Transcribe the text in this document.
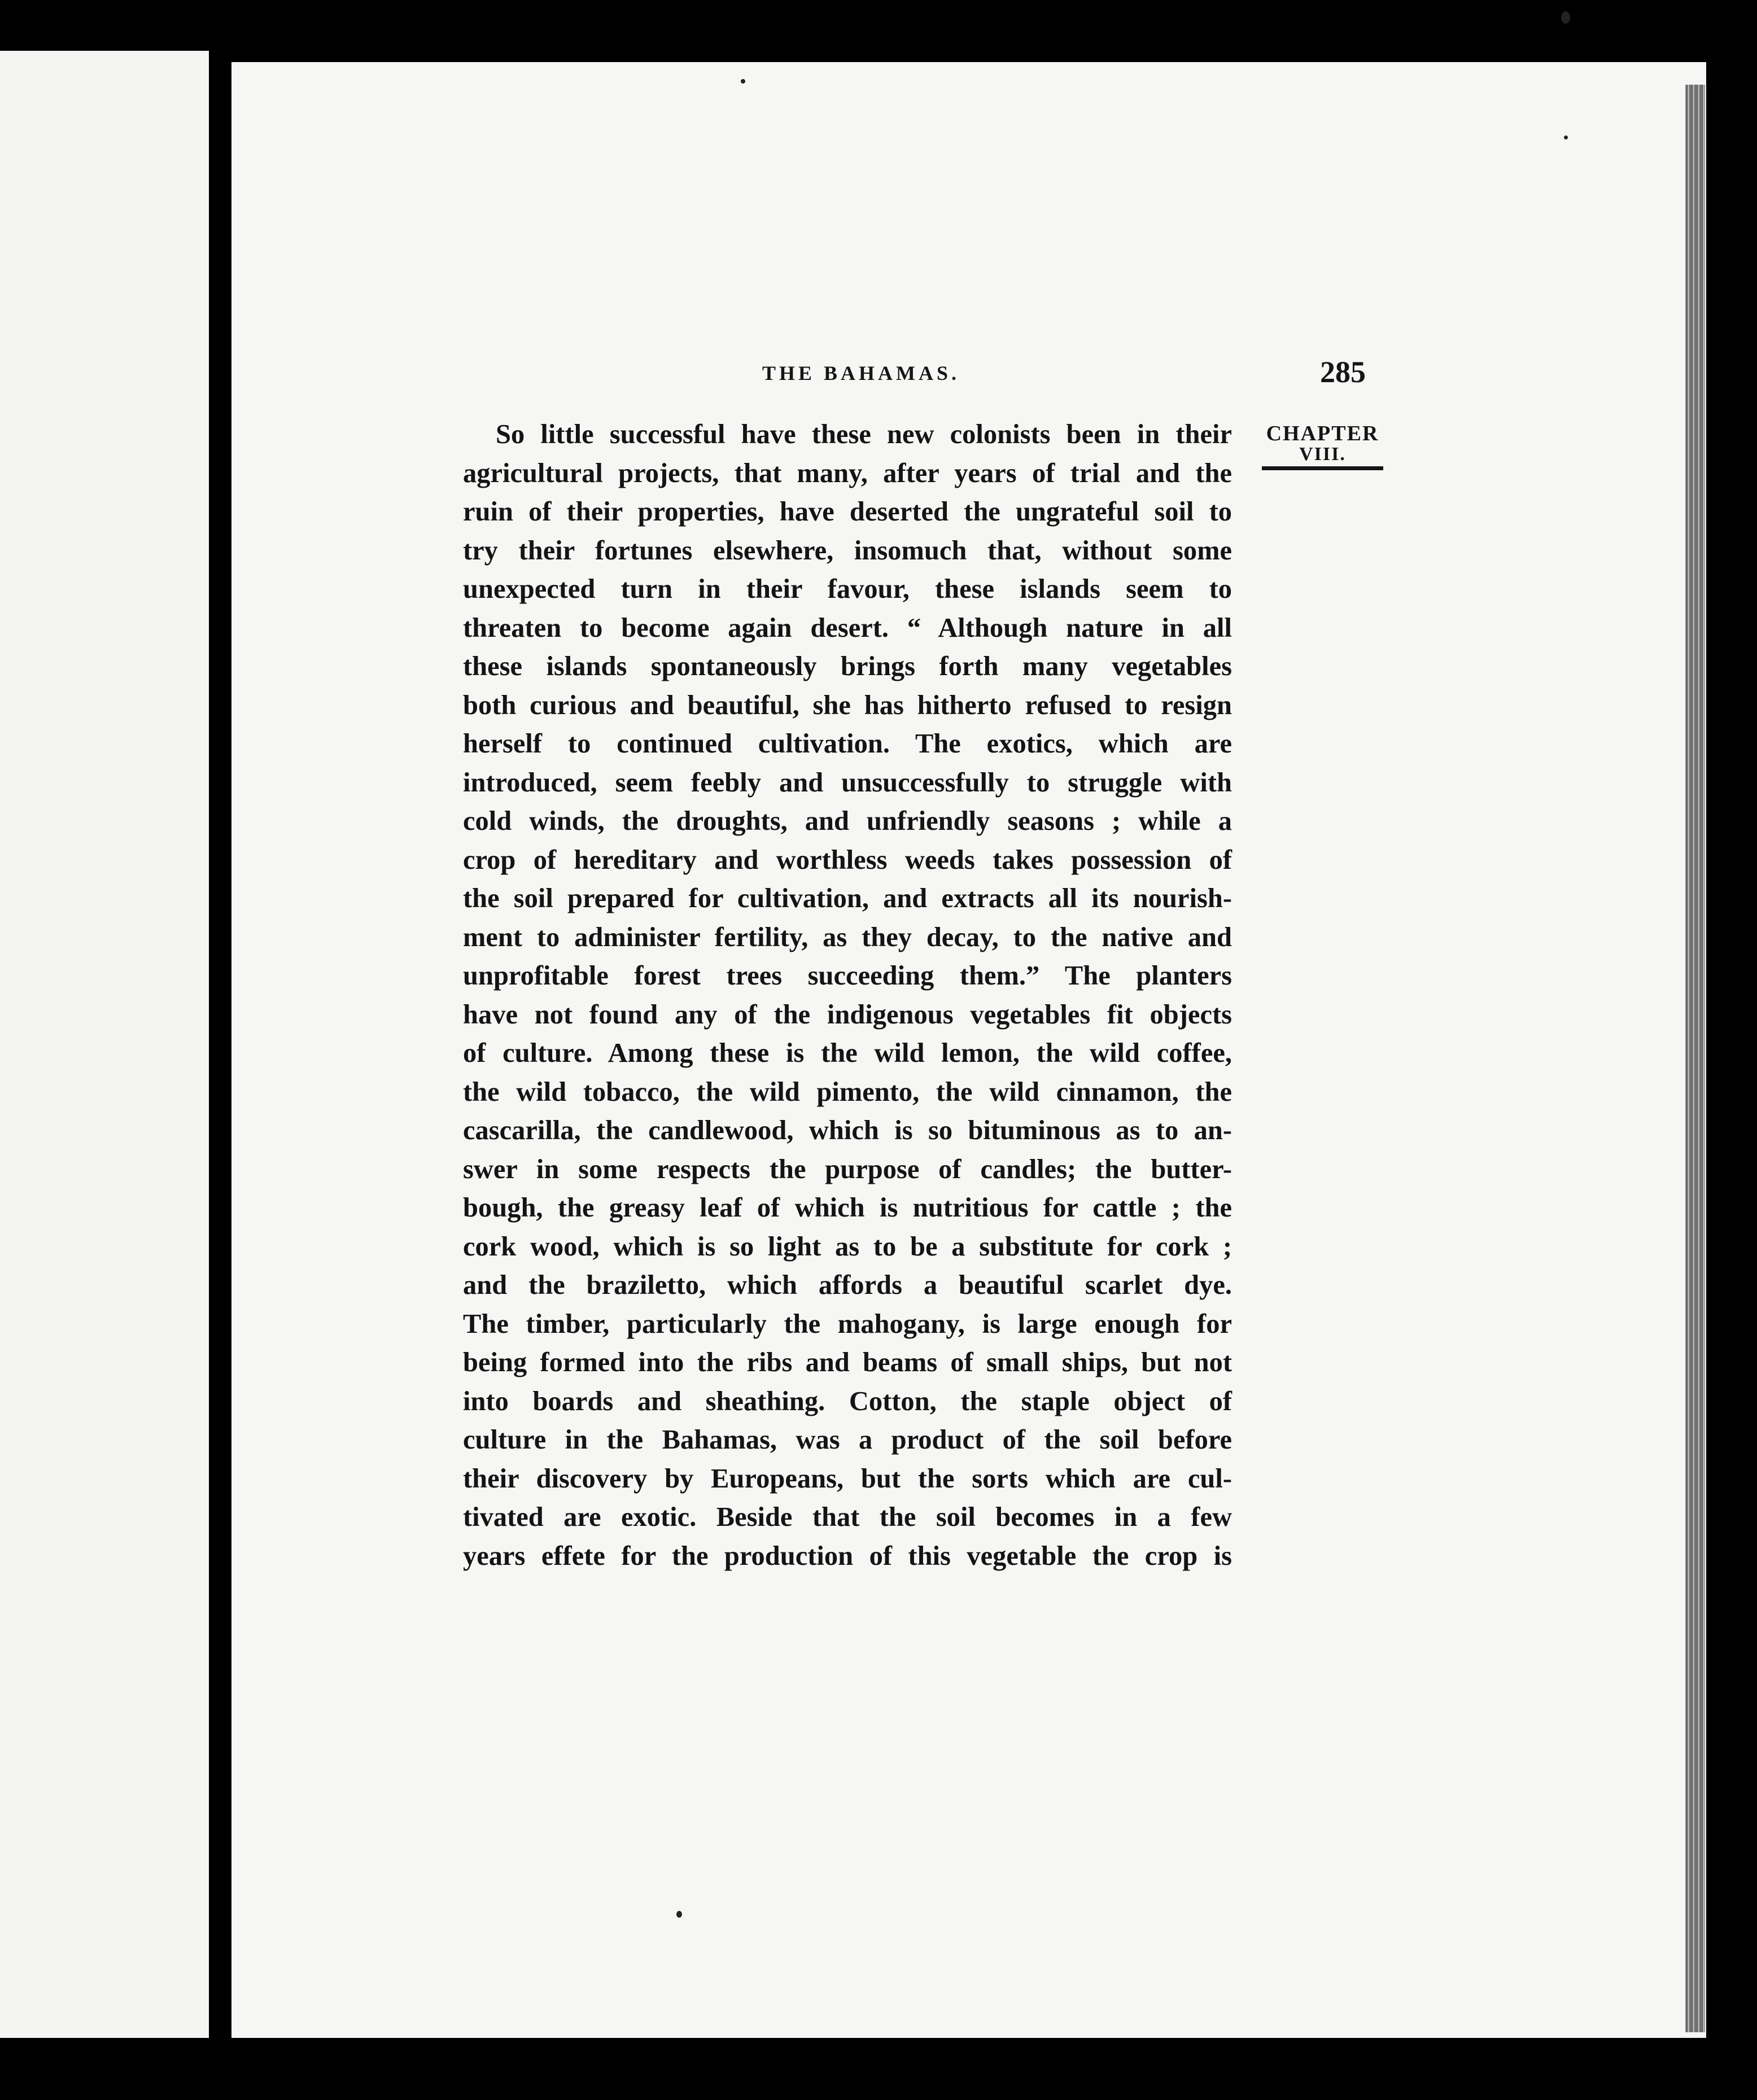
THE BAHAMAS.	285
CHAPTER
VIII.
So little successful have these new colonists been in their
agricultural projects, that many, after years of trial and the
ruin of their properties, have deserted the ungrateful soil to
try their fortunes elsewhere, insomuch that, without some
unexpected turn in their favour, these islands seem to
threaten to become again desert. “ Although nature in all
these islands spontaneously brings forth many vegetables
both curious and beautiful, she has hitherto refused to resign
herself to continued cultivation. The exotics, which are
introduced, seem feebly and unsuccessfully to struggle with
cold winds, the droughts, and unfriendly seasons ; while a
crop of hereditary and worthless weeds takes possession of
the soil prepared for cultivation, and extracts all its nourish-
ment to administer fertility, as they decay, to the native and
unprofitable forest trees succeeding them.” The planters
have not found any of the indigenous vegetables fit objects
of culture. Among these is the wild lemon, the wild coffee,
the wild tobacco, the wild pimento, the wild cinnamon, the
cascarilla, the candlewood, which is so bituminous as to an-
swer in some respects the purpose of candles; the butter-
bough, the greasy leaf of which is nutritious for cattle ; the
cork wood, which is so light as to be a substitute for cork ;
and the braziletto, which affords a beautiful scarlet dye.
The timber, particularly the mahogany, is large enough for
being formed into the ribs and beams of small ships, but not
into boards and sheathing. Cotton, the staple object of
culture in the Bahamas, was a product of the soil before
their discovery by Europeans, but the sorts which are cul-
tivated are exotic. Beside that the soil becomes in a few
years effete for the production of this vegetable the crop is
